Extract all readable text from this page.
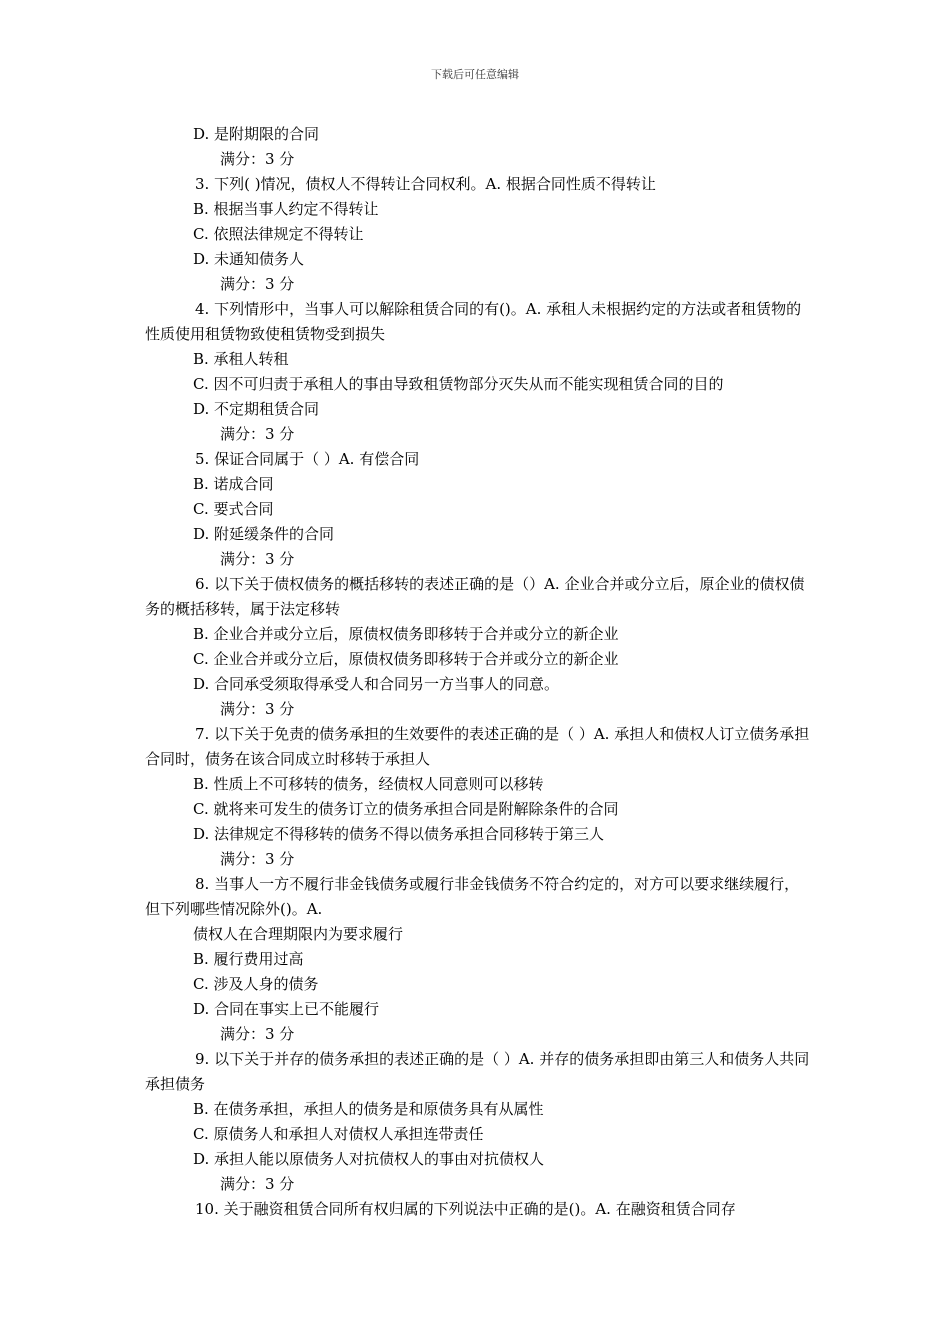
下载后可任意编辑
D. 是附期限的合同
满分：3 分
3. 下列( )情况，债权人不得转让合同权利。A. 根据合同性质不得转让
B. 根据当事人约定不得转让
C. 依照法律规定不得转让
D. 未通知债务人
满分：3 分
4. 下列情形中，当事人可以解除租赁合同的有()。A. 承租人未根据约定的方法或者租赁物的性质使用租赁物致使租赁物受到损失
B. 承租人转租
C. 因不可归责于承租人的事由导致租赁物部分灭失从而不能实现租赁合同的目的
D. 不定期租赁合同
满分：3 分
5. 保证合同属于（ ）A. 有偿合同
B. 诺成合同
C. 要式合同
D. 附延缓条件的合同
满分：3 分
6. 以下关于债权债务的概括移转的表述正确的是（）A. 企业合并或分立后，原企业的债权债务的概括移转，属于法定移转
B. 企业合并或分立后，原债权债务即移转于合并或分立的新企业
C. 企业合并或分立后，原债权债务即移转于合并或分立的新企业
D. 合同承受须取得承受人和合同另一方当事人的同意。
满分：3 分
7. 以下关于免责的债务承担的生效要件的表述正确的是（ ）A. 承担人和债权人订立债务承担合同时，债务在该合同成立时移转于承担人
B. 性质上不可移转的债务，经债权人同意则可以移转
C. 就将来可发生的债务订立的债务承担合同是附解除条件的合同
D. 法律规定不得移转的债务不得以债务承担合同移转于第三人
满分：3 分
8. 当事人一方不履行非金钱债务或履行非金钱债务不符合约定的，对方可以要求继续履行，但下列哪些情况除外()。A.
债权人在合理期限内为要求履行
B. 履行费用过高
C. 涉及人身的债务
D. 合同在事实上已不能履行
满分：3 分
9. 以下关于并存的债务承担的表述正确的是（ ）A. 并存的债务承担即由第三人和债务人共同承担债务
B. 在债务承担，承担人的债务是和原债务具有从属性
C. 原债务人和承担人对债权人承担连带责任
D. 承担人能以原债务人对抗债权人的事由对抗债权人
满分：3 分
10. 关于融资租赁合同所有权归属的下列说法中正确的是()。A. 在融资租赁合同存
